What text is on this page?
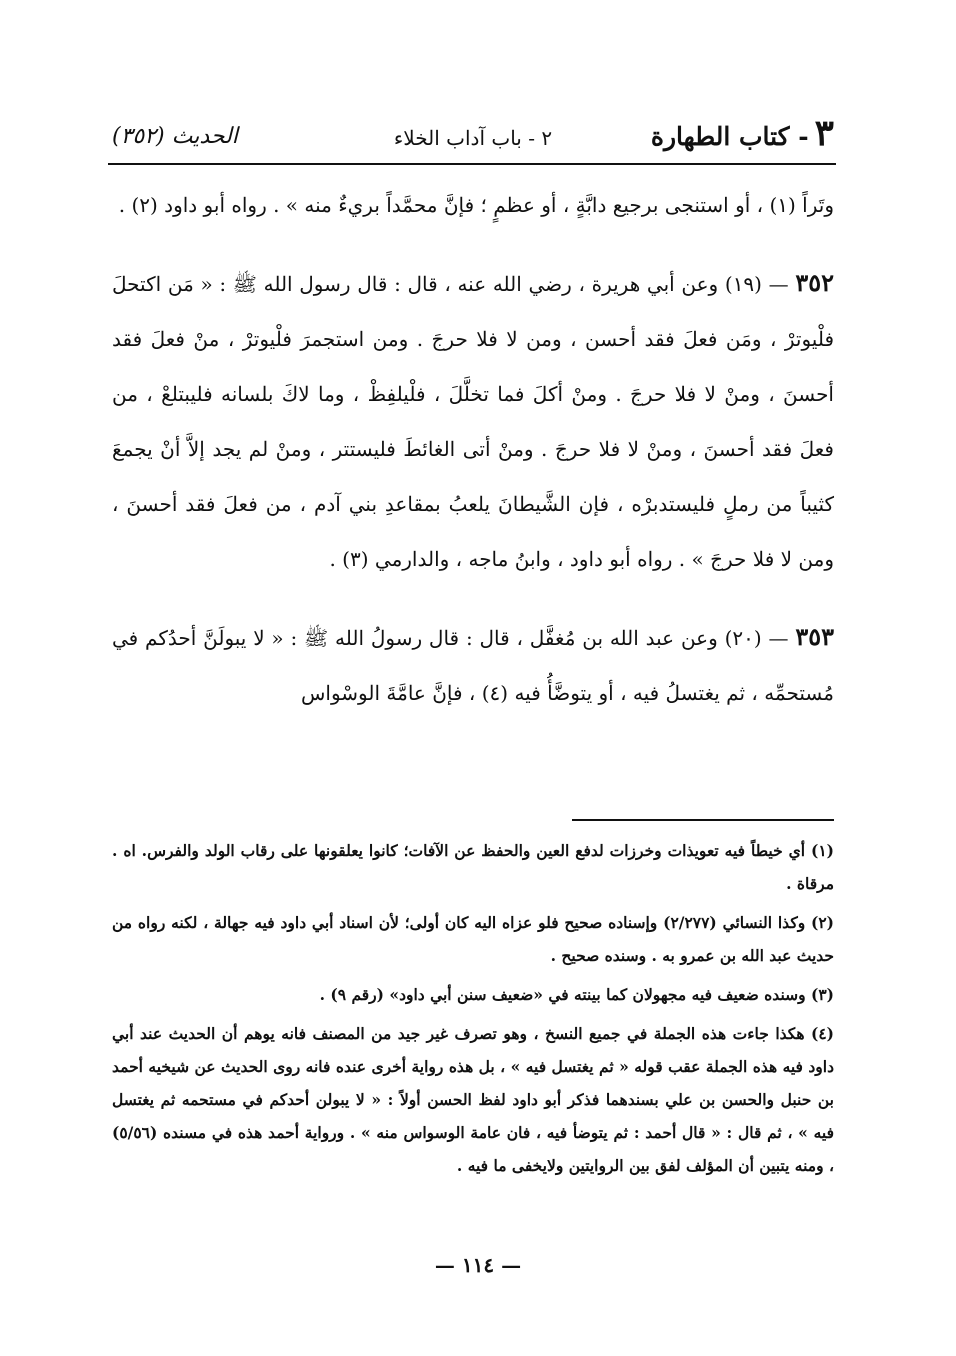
٣- كتاب الطهارة
٢ - باب آداب الخلاء
الحديث (٣٥٢)

وتَراً (١) ، أو استنجى برجيع دابَّةٍ ، أو عظمٍ ؛ فإنَّ محمَّداً بريءٌ منه » . رواه أبو داود (٢) .

٣٥٢ — (١٩) وعن أبي هريرة ، رضي الله عنه ، قال : قال رسول الله ﷺ : « مَن اكتحلَ فلْيوترْ ، ومَن فعلَ فقد أحسن ، ومن لا فلا حرجَ . ومن استجمرَ فلْيوترْ ، منْ فعلَ فقد أحسنَ ، ومنْ لا فلا حرجَ . ومنْ أكلَ فما تخلَّلَ ، فلْيلفِظْ ، وما لاكَ بلسانه فليبتلعْ ، من فعلَ فقد أحسنَ ، ومنْ لا فلا حرجَ . ومنْ أتى الغائطَ فليستتر ، ومنْ لم يجد إلاَّ أنْ يجمعَ كثيباً من رملٍ فليستدبرْه ، فإن الشَّيطانَ يلعبُ بمقاعدِ بني آدم ، من فعلَ فقد أحسنَ ، ومن لا فلا حرجَ » . رواه أبو داود ، وابنُ ماجه ، والدارمي (٣) .

٣٥٣ — (٢٠) وعن عبد الله بن مُغفَّل ، قال : قال رسولُ الله ﷺ : « لا يبولَنَّ أحدُكم في مُستحمِّه ، ثم يغتسلُ فيه ، أو يتوضَّأُ فيه (٤) ، فإنَّ عامَّةَ الوسْواس

(١) أي خيطاً فيه تعويذات وخرزات لدفع العين والحفظ عن الآفات؛ كانوا يعلقونها على رقاب الولد والفرس. اه . مرقاة .

(٢) وكذا النسائي (٢/٢٧٧) وإسناده صحيح فلو عزاه اليه كان أولى؛ لأن اسناد أبي داود فيه جهالة ، لكنه رواه من حديث عبد الله بن عمرو به . وسنده صحيح .

(٣) وسنده ضعيف فيه مجهولان كما بينته في «ضعيف سنن أبي داود» (رقم ٩) .

(٤) هكذا جاءت هذه الجملة في جميع النسخ ، وهو تصرف غير جيد من المصنف فانه يوهم أن الحديث عند أبي داود فيه هذه الجملة عقب قوله « ثم يغتسل فيه » ، بل هذه رواية أخرى عنده فانه روى الحديث عن شيخيه أحمد بن حنبل والحسن بن علي بسندهما فذكر أبو داود لفظ الحسن أولاً : « لا يبولن أحدكم في مستحمه ثم يغتسل فيه » ، ثم قال : « قال أحمد : ثم يتوضأ فيه ، فان عامة الوسواس منه » . ورواية أحمد هذه في مسنده (٥/٥٦) ، ومنه يتبين أن المؤلف لفق بين الروايتين ولايخفى ما فيه .

— ١١٤ —
